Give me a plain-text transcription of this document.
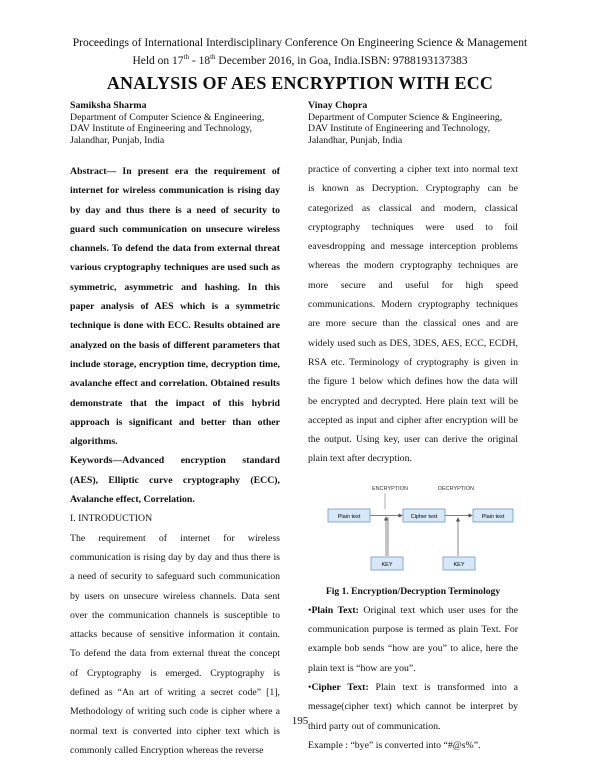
Proceedings of International Interdisciplinary Conference On Engineering Science & Management
Held on 17th - 18th December 2016, in Goa, India.ISBN: 9788193137383
ANALYSIS OF AES ENCRYPTION WITH ECC
Samiksha Sharma
Department of Computer Science & Engineering,
DAV Institute of Engineering and Technology,
Jalandhar, Punjab, India
Vinay Chopra
Department of Computer Science & Engineering,
DAV Institute of Engineering and Technology,
Jalandhar, Punjab, India

Abstract— In present era the requirement of internet for wireless communication is rising day by day and thus there is a need of security to guard such communication on unsecure wireless channels. To defend the data from external threat various cryptography techniques are used such as symmetric, asymmetric and hashing. In this paper analysis of AES which is a symmetric technique is done with ECC. Results obtained are analyzed on the basis of different parameters that include storage, encryption time, decryption time, avalanche effect and correlation. Obtained results demonstrate that the impact of this hybrid approach is significant and better than other algorithms.

Keywords—Advanced encryption standard (AES), Elliptic curve cryptography (ECC), Avalanche effect, Correlation.

I. INTRODUCTION

The requirement of internet for wireless communication is rising day by day and thus there is a need of security to safeguard such communication by users on unsecure wireless channels. Data sent over the communication channels is susceptible to attacks because of sensitive information it contain. To defend the data from external threat the concept of Cryptography is emerged. Cryptography is defined as “An art of writing a secret code” [1], Methodology of writing such code is cipher where a normal text is converted into cipher text which is commonly called Encryption whereas the reverse

practice of converting a cipher text into normal text is known as Decryption. Cryptography can be categorized as classical and modern, classical cryptography techniques were used to foil eavesdropping and message interception problems whereas the modern cryptography techniques are more secure and useful for high speed communications. Modern cryptography techniques are more secure than the classical ones and are widely used such as DES, 3DES, AES, ECC, ECDH, RSA etc. Terminology of cryptography is given in the figure 1 below which defines how the data will be encrypted and decrypted. Here plain text will be accepted as input and cipher after encryption will be the output. Using key, user can derive the original plain text after decryption.

ENCRYPTION	DECRYPTION
Plain text	Cipher text	Plain text
KEY	KEY
Fig 1. Encryption/Decryption Terminology

•Plain Text: Original text which user uses for the communication purpose is termed as plain Text. For example bob sends “how are you” to alice, here the plain text is “how are you”.

•Cipher Text: Plain text is transformed into a message(cipher text) which cannot be interpret by third party out of communication.

Example : “bye” is converted into “#@s%”.

195
